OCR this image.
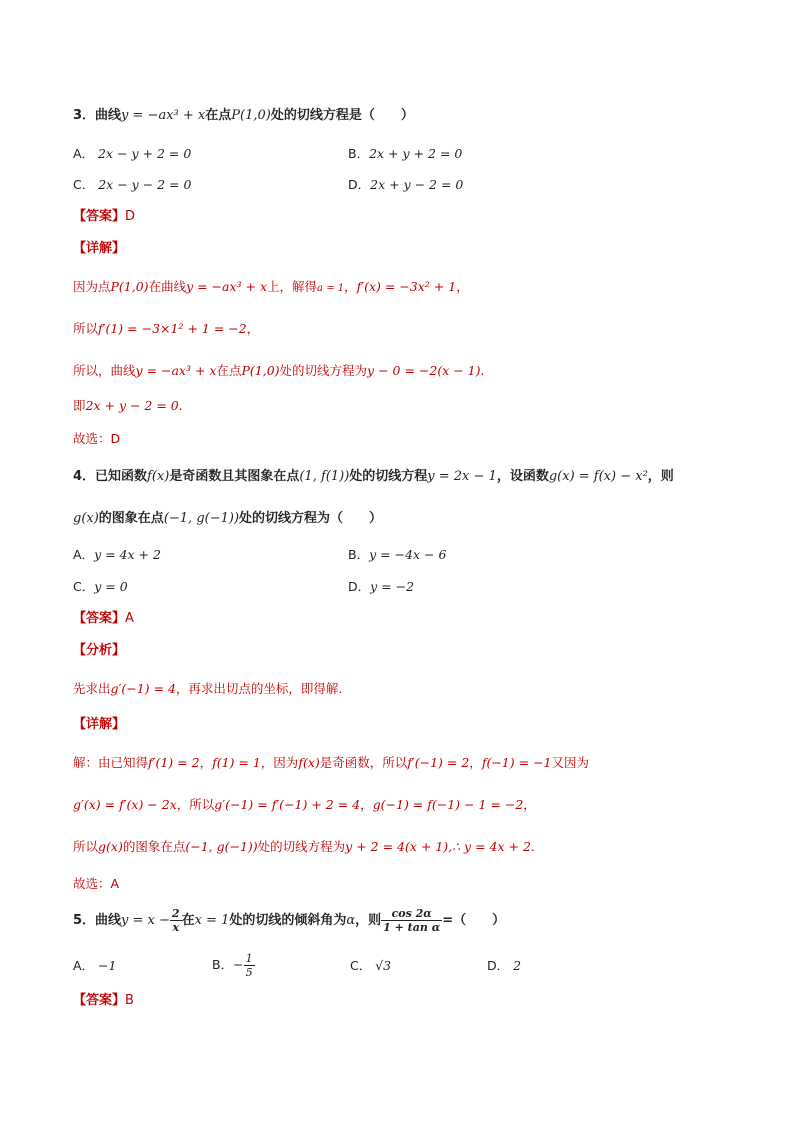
3．曲线y = −ax³ + x在点P(1,0)处的切线方程是（　　）
A． 2x − y + 2 = 0	B．2x + y + 2 = 0
C． 2x − y − 2 = 0	D．2x + y − 2 = 0
【答案】D
【详解】
因为点P(1,0)在曲线y = −ax³ + x上，解得a = 1，f′(x) = −3x² + 1，
所以f′(1) = −3×1² + 1 = −2，
所以，曲线y = −ax³ + x在点P(1,0)处的切线方程为y − 0 = −2(x − 1).
即2x + y − 2 = 0.
故选：D
4．已知函数f(x)是奇函数且其图象在点(1, f(1))处的切线方程y = 2x − 1，设函数g(x) = f(x) − x²，则
g(x)的图象在点(−1, g(−1))处的切线方程为（　　）
A．y = 4x + 2	B．y = −4x − 6
C．y = 0	D．y = −2
【答案】A
【分析】
先求出g′(−1) = 4，再求出切点的坐标，即得解.
【详解】
解：由已知得f′(1) = 2，f(1) = 1，因为f(x)是奇函数，所以f′(−1) = 2，f(−1) = −1又因为
g′(x) = f′(x) − 2x，所以g′(−1) = f′(−1) + 2 = 4，g(−1) = f(−1) − 1 = −2，
所以g(x)的图象在点(−1, g(−1))处的切线方程为y + 2 = 4(x + 1),∴ y = 4x + 2.
故选：A
5．曲线$y = x - \frac{2}{x}$ 在x = 1处的切线的倾斜角为α，则 $\frac{\cos 2\alpha}{\text{1 + tan α}}$ =（　　）
A． −1	B．− $\frac{1}{5}$	C． √3	D． 2
【答案】B
